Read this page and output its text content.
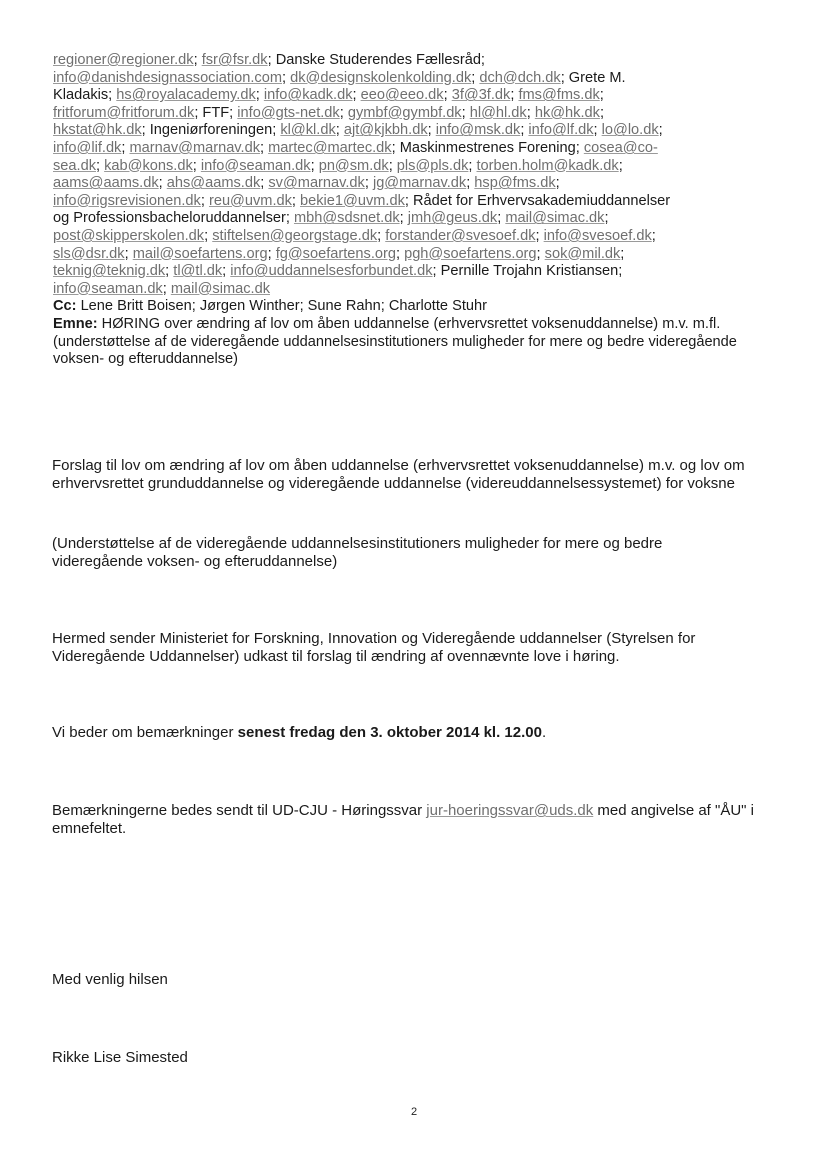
regioner@regioner.dk; fsr@fsr.dk; Danske Studerendes Fællesråd;
info@danishdesignassociation.com; dk@designskolenkolding.dk; dch@dch.dk; Grete M.
Kladakis; hs@royalacademy.dk; info@kadk.dk; eeo@eeo.dk; 3f@3f.dk; fms@fms.dk;
fritforum@fritforum.dk; FTF; info@gts-net.dk; gymbf@gymbf.dk; hl@hl.dk; hk@hk.dk;
hkstat@hk.dk; Ingeniørforeningen; kl@kl.dk; ajt@kjkbh.dk; info@msk.dk; info@lf.dk; lo@lo.dk;
info@lif.dk; marnav@marnav.dk; martec@martec.dk; Maskinmestrenes Forening; cosea@co-
sea.dk; kab@kons.dk; info@seaman.dk; pn@sm.dk; pls@pls.dk; torben.holm@kadk.dk;
aams@aams.dk; ahs@aams.dk; sv@marnav.dk; jg@marnav.dk; hsp@fms.dk;
info@rigsrevisionen.dk; reu@uvm.dk; bekie1@uvm.dk; Rådet for Erhvervsakademiuddannelser
og Professionsbacheloruddannelser; mbh@sdsnet.dk; jmh@geus.dk; mail@simac.dk;
post@skipperskolen.dk; stiftelsen@georgstage.dk; forstander@svesoef.dk; info@svesoef.dk;
sls@dsr.dk; mail@soefartens.org; fg@soefartens.org; pgh@soefartens.org; sok@mil.dk;
teknig@teknig.dk; tl@tl.dk; info@uddannelsesforbundet.dk; Pernille Trojahn Kristiansen;
info@seaman.dk; mail@simac.dk
Cc: Lene Britt Boisen; Jørgen Winther; Sune Rahn; Charlotte Stuhr
Emne: HØRING over ændring af lov om åben uddannelse (erhvervsrettet voksenuddannelse) m.v. m.fl. (understøttelse af de videregående uddannelsesinstitutioners muligheder for mere og bedre videregående voksen- og efteruddannelse)
Forslag til lov om ændring af lov om åben uddannelse (erhvervsrettet voksenuddannelse) m.v. og lov om erhvervsrettet grunduddannelse og videregående uddannelse (videreuddannelsessystemet) for voksne
(Understøttelse af de videregående uddannelsesinstitutioners muligheder for mere og bedre videregående voksen- og efteruddannelse)
Hermed sender Ministeriet for Forskning, Innovation og Videregående uddannelser (Styrelsen for Videregående Uddannelser) udkast til forslag til ændring af ovennævnte love i høring.
Vi beder om bemærkninger senest fredag den 3. oktober 2014 kl. 12.00.
Bemærkningerne bedes sendt til UD-CJU - Høringssvar jur-hoeringssvar@uds.dk med angivelse af "ÅU" i emnefeltet.
Med venlig hilsen
Rikke Lise Simested
2
